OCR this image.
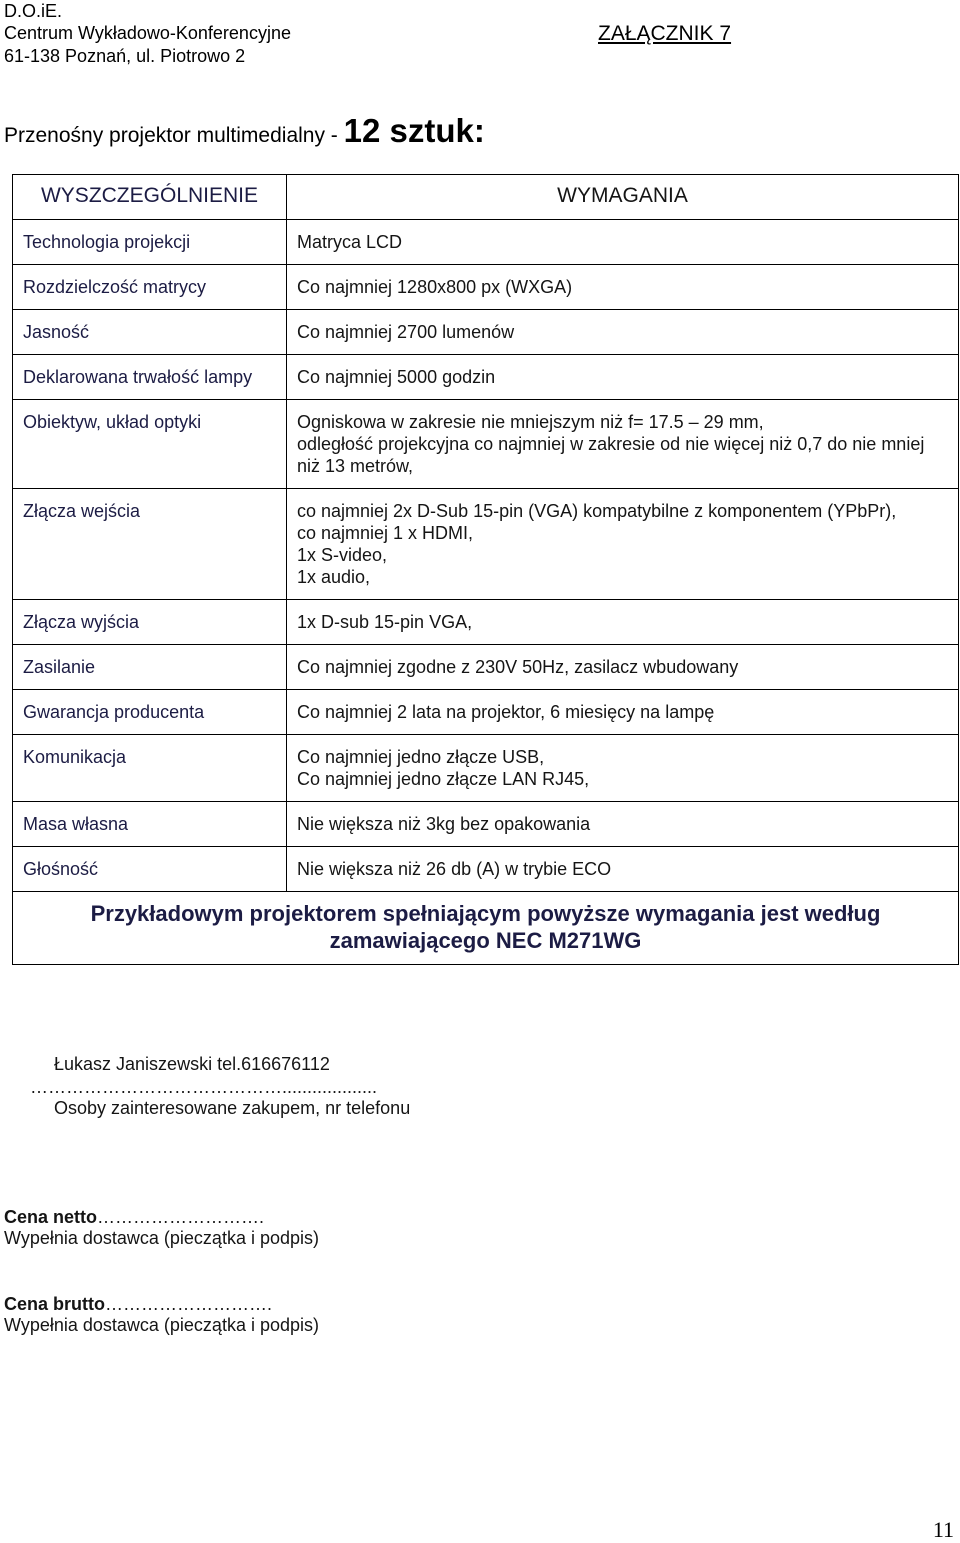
D.O.iE.
Centrum Wykładowo-Konferencyjne
61-138 Poznań, ul. Piotrowo 2
ZAŁĄCZNIK 7
Przenośny projektor multimedialny - 12 sztuk:
WYSZCZEGÓLNIENIE	WYMAGANIA
Technologia projekcji	Matryca LCD

Rozdzielczość matrycy	Co najmniej 1280x800 px (WXGA)

Jasność	Co najmniej 2700 lumenów

Deklarowana trwałość lampy	Co najmniej 5000 godzin

Obiektyw, układ optyki	Ogniskowa w zakresie nie mniejszym niż f= 17.5 – 29 mm,
odległość projekcyjna co najmniej w zakresie od nie więcej niż 0,7 do nie mniej niż 13 metrów,

Złącza wejścia	co najmniej 2x D-Sub 15-pin (VGA) kompatybilne z komponentem (YPbPr),
co najmniej 1 x HDMI,
1x S-video,
1x audio,

Złącza wyjścia	1x D-sub 15-pin VGA,

Zasilanie	Co najmniej zgodne z 230V 50Hz, zasilacz wbudowany

Gwarancja producenta	Co najmniej 2 lata na projektor, 6 miesięcy na lampę

Komunikacja	Co najmniej jedno złącze USB,
Co najmniej jedno złącze LAN RJ45,

Masa własna	Nie większa niż 3kg bez opakowania

Głośność	Nie większa niż 26 db (A) w trybie ECO

Przykładowym projektorem spełniającym powyższe wymagania jest według
zamawiającego NEC M271WG	
Łukasz Janiszewski tel.616676112
……………………………………...................
Osoby zainteresowane zakupem, nr telefonu
Cena netto……………………….
Wypełnia dostawca (pieczątka i podpis)
Cena brutto……………………….
Wypełnia dostawca (pieczątka i podpis)
11
